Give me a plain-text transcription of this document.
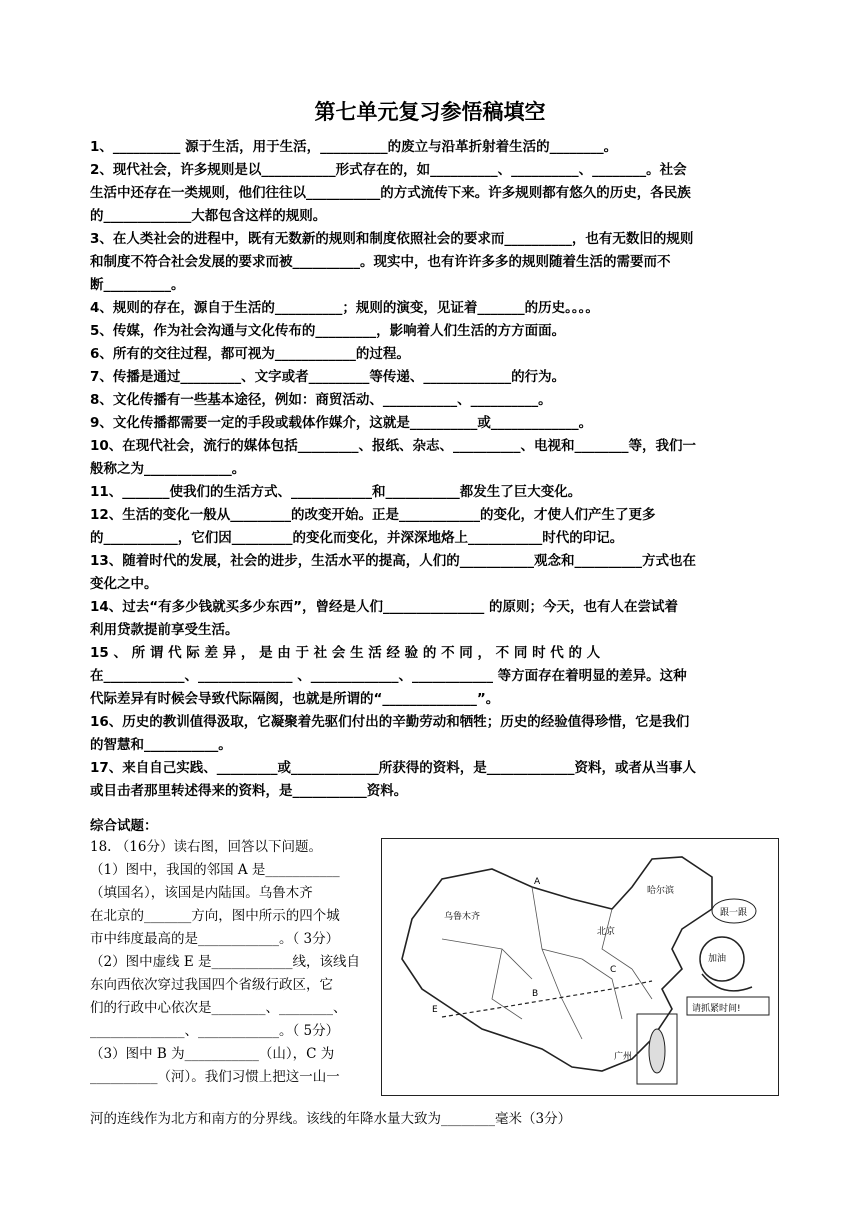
第七单元复习参悟稿填空

1、__________ 源于生活，用于生活，__________的废立与沿革折射着生活的________。

2、现代社会，许多规则是以___________形式存在的，如__________、__________、________。社会

生活中还存在一类规则，他们往往以___________的方式流传下来。许多规则都有悠久的历史，各民族

的_____________大都包含这样的规则。

3、在人类社会的进程中，既有无数新的规则和制度依照社会的要求而__________，也有无数旧的规则

和制度不符合社会发展的要求而被__________。现实中，也有许许多多的规则随着生活的需要而不

断__________。

4、规则的存在，源自于生活的__________；规则的演变，见证着_______的历史。。。。

5、传媒，作为社会沟通与文化传布的_________，影响着人们生活的方方面面。

6、所有的交往过程，都可视为____________的过程。

7、传播是通过_________、文字或者_________等传递、_____________的行为。

8、文化传播有一些基本途径，例如：商贸活动、___________、__________。

9、文化传播都需要一定的手段或载体作媒介，这就是__________或_____________。

10、在现代社会，流行的媒体包括_________、报纸、杂志、__________、电视和________等，我们一

般称之为_____________。

11、_______使我们的生活方式、____________和___________都发生了巨大变化。

12、生活的变化一般从_________的改变开始。正是____________的变化，才使人们产生了更多

的___________，它们因_________的变化而变化，并深深地烙上___________时代的印记。

13、随着时代的发展，社会的进步，生活水平的提高，人们的___________观念和__________方式也在

变化之中。

14、过去“有多少钱就买多少东西”，曾经是人们_______________ 的原则；今天，也有人在尝试着

利用贷款提前享受生活。

15 、 所 谓 代 际 差 异 ， 是 由 于 社 会 生 活 经 验 的 不 同 ， 不 同 时 代 的 人

在____________、______________ 、_____________、____________ 等方面存在着明显的差异。这种

代际差异有时候会导致代际隔阂，也就是所谓的“______________”。

16、历史的教训值得汲取，它凝聚着先驱们付出的辛勤劳动和牺牲；历史的经验值得珍惜，它是我们

的智慧和___________。

17、来自自己实践、_________或_____________所获得的资料，是_____________资料，或者从当事人

或目击者那里转述得来的资料，是___________资料。

综合试题：

18. （16分）读右图，回答以下问题。

（1）图中，我国的邻国 A 是___________

（填国名），该国是内陆国。乌鲁木齐

在北京的_______方向，图中所示的四个城

市中纬度最高的是____________。（ 3分）

（2）图中虚线 E 是____________线，该线自

东向西依次穿过我国四个省级行政区，它

们的行政中心依次是________、________、

______________、____________。（ 5分）

（3）图中 B 为___________（山），C 为

__________（河）。我们习惯上把这一山一

河的连线作为北方和南方的分界线。该线的年降水量大致为________毫米（3分）

A
乌鲁木齐
哈尔滨
北京
B
C
E
广州
跟一跟
加油
请抓紧时间!
